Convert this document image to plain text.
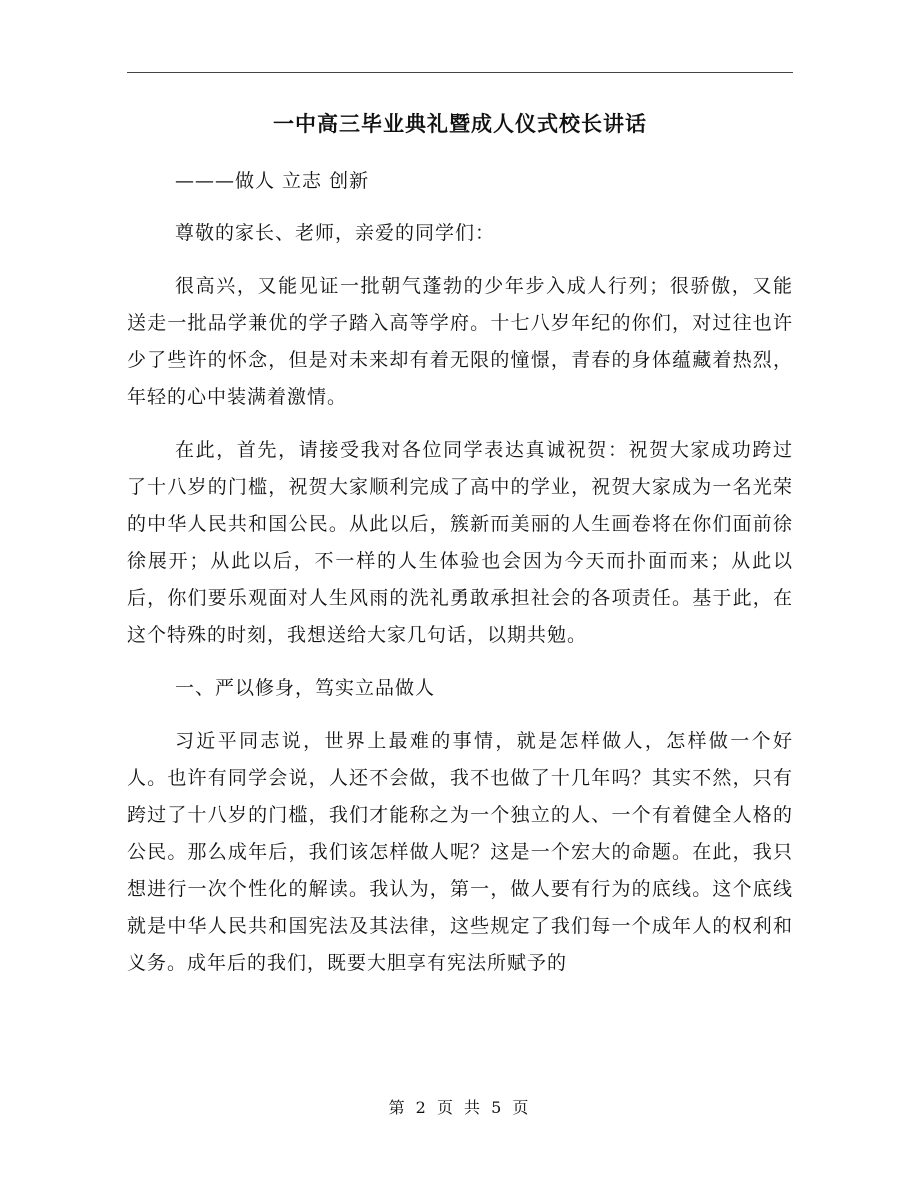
一中高三毕业典礼暨成人仪式校长讲话

———做人 立志 创新

尊敬的家长、老师，亲爱的同学们：

很高兴，又能见证一批朝气蓬勃的少年步入成人行列；很骄傲，又能送走一批品学兼优的学子踏入高等学府。十七八岁年纪的你们，对过往也许少了些许的怀念，但是对未来却有着无限的憧憬，青春的身体蕴藏着热烈，年轻的心中装满着激情。

在此，首先，请接受我对各位同学表达真诚祝贺：祝贺大家成功跨过了十八岁的门槛，祝贺大家顺利完成了高中的学业，祝贺大家成为一名光荣的中华人民共和国公民。从此以后，簇新而美丽的人生画卷将在你们面前徐徐展开；从此以后，不一样的人生体验也会因为今天而扑面而来；从此以后，你们要乐观面对人生风雨的洗礼勇敢承担社会的各项责任。基于此，在这个特殊的时刻，我想送给大家几句话，以期共勉。

一、严以修身，笃实立品做人

习近平同志说，世界上最难的事情，就是怎样做人，怎样做一个好人。也许有同学会说，人还不会做，我不也做了十几年吗？其实不然，只有跨过了十八岁的门槛，我们才能称之为一个独立的人、一个有着健全人格的公民。那么成年后，我们该怎样做人呢？这是一个宏大的命题。在此，我只想进行一次个性化的解读。我认为，第一，做人要有行为的底线。这个底线就是中华人民共和国宪法及其法律，这些规定了我们每一个成年人的权利和义务。成年后的我们，既要大胆享有宪法所赋予的

第 2 页 共 5 页
